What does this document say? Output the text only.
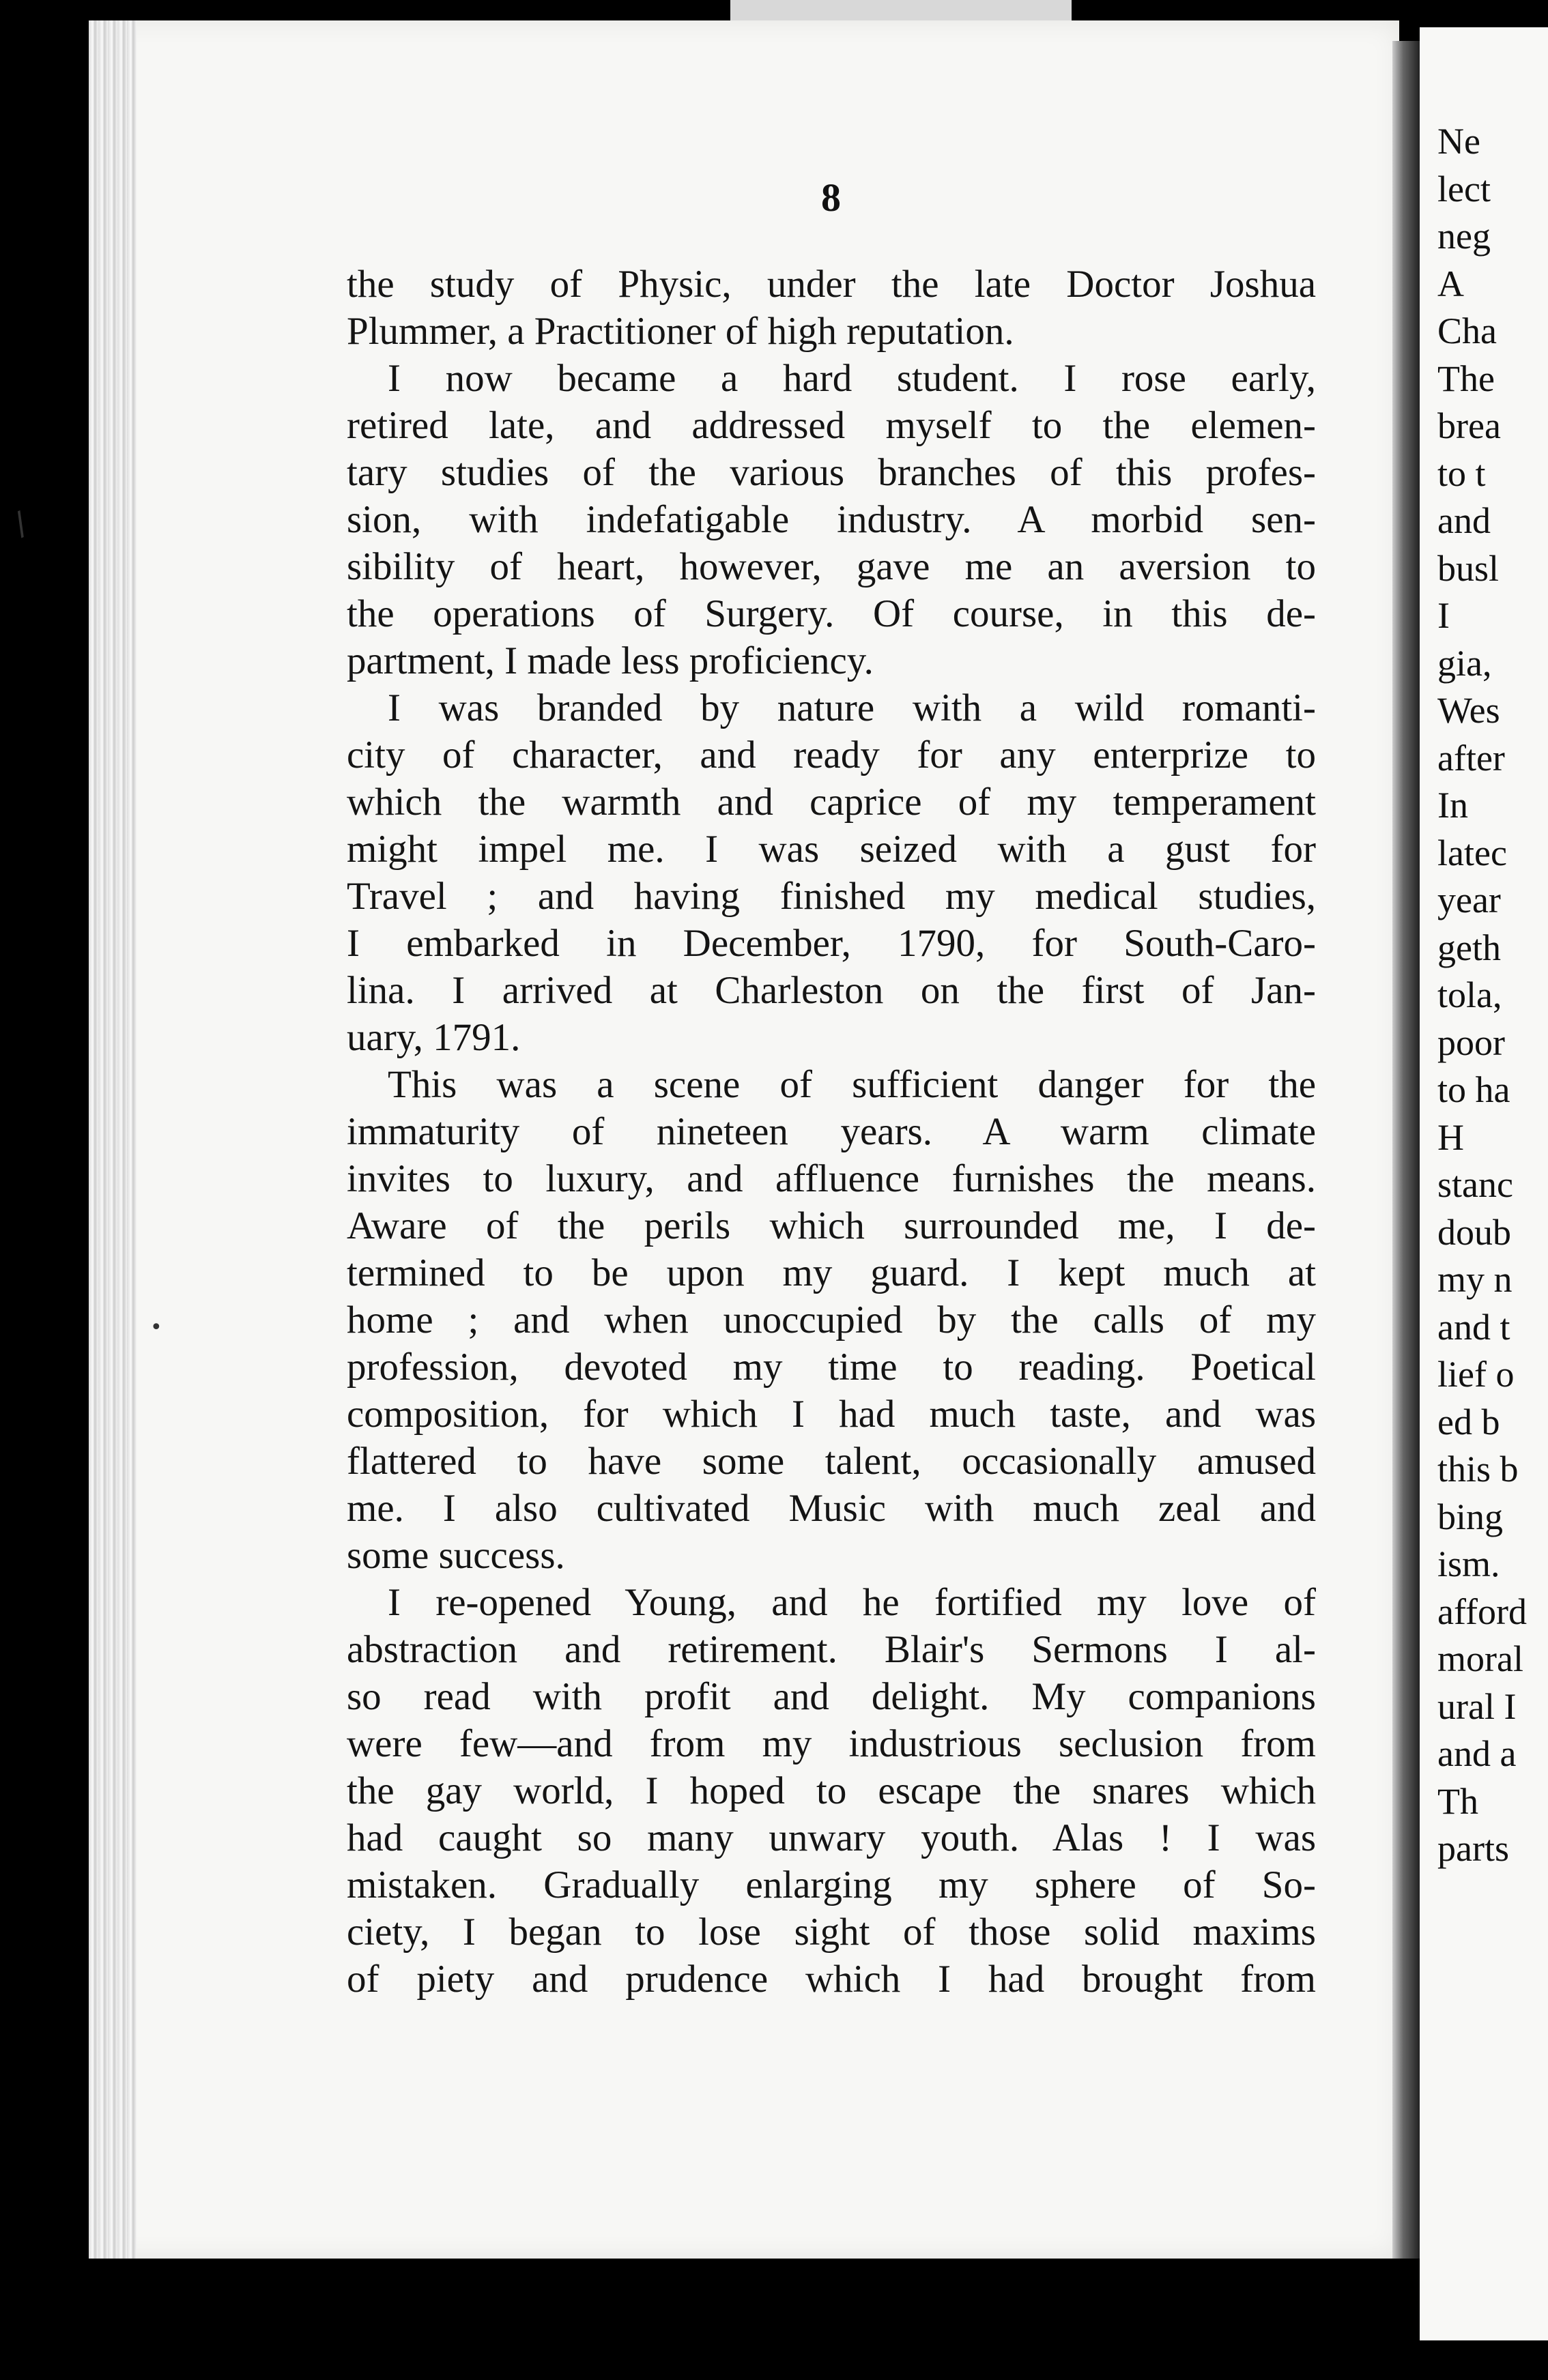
8
the study of Physic, under the late Doctor Joshua
Plummer, a Practitioner of high reputation.
I now became a hard student. I rose early,
retired late, and addressed myself to the elemen-
tary studies of the various branches of this profes-
sion, with indefatigable industry. A morbid sen-
sibility of heart, however, gave me an aversion to
the operations of Surgery. Of course, in this de-
partment, I made less proficiency.
I was branded by nature with a wild romanti-
city of character, and ready for any enterprize to
which the warmth and caprice of my temperament
might impel me. I was seized with a gust for
Travel ; and having finished my medical studies,
I embarked in December, 1790, for South-Caro-
lina. I arrived at Charleston on the first of Jan-
uary, 1791.
This was a scene of sufficient danger for the
immaturity of nineteen years. A warm climate
invites to luxury, and affluence furnishes the means.
Aware of the perils which surrounded me, I de-
termined to be upon my guard. I kept much at
home ; and when unoccupied by the calls of my
profession, devoted my time to reading. Poetical
composition, for which I had much taste, and was
flattered to have some talent, occasionally amused
me. I also cultivated Music with much zeal and
some success.
I re-opened Young, and he fortified my love of
abstraction and retirement. Blair's Sermons I al-
so read with profit and delight. My companions
were few—and from my industrious seclusion from
the gay world, I hoped to escape the snares which
had caught so many unwary youth. Alas ! I was
mistaken. Gradually enlarging my sphere of So-
ciety, I began to lose sight of those solid maxims
of piety and prudence which I had brought from
Ne
lect
neg
A
Cha
The
brea
to t
and
busl
I
gia,
Wes
after
In
latec
year
geth
tola,
poor
to ha
H
stanc
doub
my n
and t
lief o
ed b
this b
bing
ism.
afford
moral
ural I
and a
Th
parts
/
•
